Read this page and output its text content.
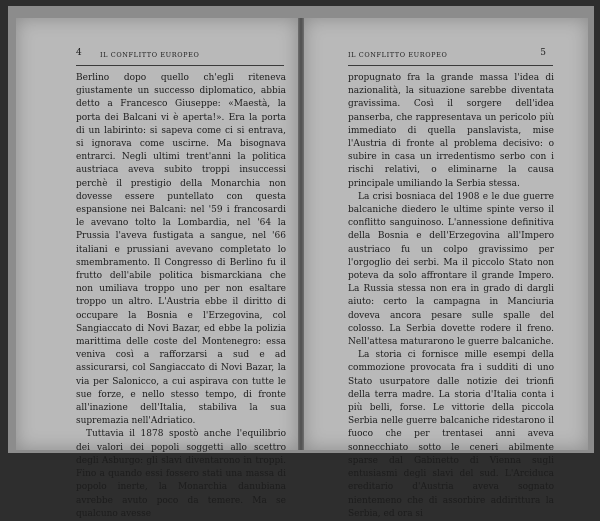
4	IL CONFLITTO EUROPEO

Berlino dopo quello ch'egli riteneva giustamente un successo diplomatico, abbia detto a Francesco Giuseppe: «Maestà, la porta dei Balcani vi è aperta!». Era la porta di un labirinto: si sapeva come ci si entrava, si ignorava come uscirne. Ma bisognava entrarci. Negli ultimi trent'anni la politica austriaca aveva subito troppi insuccessi perchè il prestigio della Monarchia non dovesse essere puntellato con questa espansione nei Balcani: nel '59 i francosardi le avevano tolto la Lombardia, nel '64 la Prussia l'aveva fustigata a sangue, nel '66 italiani e prussiani avevano completato lo smembramento. Il Congresso di Berlino fu il frutto dell'abile politica bismarckiana che non umiliava troppo uno per non esaltare troppo un altro. L'Austria ebbe il diritto di occupare la Bosnia e l'Erzegovina, col Sangiaccato di Novi Bazar, ed ebbe la polizia marittima delle coste del Montenegro: essa veniva così a rafforzarsi a sud e ad assicurarsi, col Sangiaccato di Novi Bazar, la via per Salonicco, a cui aspirava con tutte le sue forze, e nello stesso tempo, di fronte all'inazione dell'Italia, stabiliva la sua supremazia nell'Adriatico.

Tuttavia il 1878 spostò anche l'equilibrio dei valori dei popoli soggetti allo scettro degli Asburgo: gli slavi diventarono in troppi. Fino a quando essi fossero stati una massa di popolo inerte, la Monarchia danubiana avrebbe avuto poco da temere. Ma se qualcuno avesse

IL CONFLITTO EUROPEO	5

propugnato fra la grande massa l'idea di nazionalità, la situazione sarebbe diventata gravissima. Così il sorgere dell'idea panserba, che rappresentava un pericolo più immediato di quella panslavista, mise l'Austria di fronte al problema decisivo: o subire in casa un irredentismo serbo con i rischi relativi, o eliminarne la causa principale umiliando la Serbia stessa.

La crisi bosniaca del 1908 e le due guerre balcaniche diedero le ultime spinte verso il conflitto sanguinoso. L'annessione definitiva della Bosnia e dell'Erzegovina all'Impero austriaco fu un colpo gravissimo per l'orgoglio dei serbi. Ma il piccolo Stato non poteva da solo affrontare il grande Impero. La Russia stessa non era in grado di dargli aiuto: certo la campagna in Manciuria doveva ancora pesare sulle spalle del colosso. La Serbia dovette rodere il freno. Nell'attesa maturarono le guerre balcaniche.

La storia ci fornisce mille esempi della commozione provocata fra i sudditi di uno Stato usurpatore dalle notizie dei trionfi della terra madre. La storia d'Italia conta i più belli, forse. Le vittorie della piccola Serbia nelle guerre balcaniche ridestarono il fuoco che per trentasei anni aveva sonnecchiato sotto le ceneri abilmente sparse dal Gabinetto di Vienna sugli entusiasmi degli slavi del sud. L'Arciduca ereditario d'Austria aveva sognato nientemeno che di assorbire addirittura la Serbia, ed ora si
